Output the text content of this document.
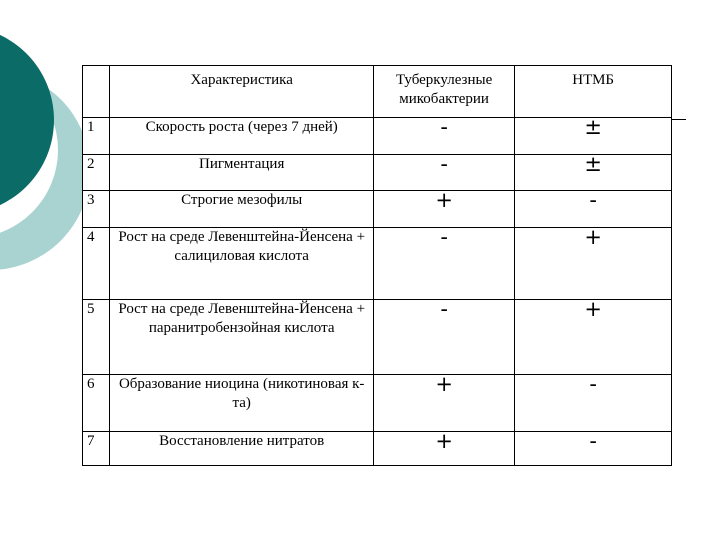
	Характеристика	Туберкулезные микобактерии	НТМБ
1	Скорость роста (через 7 дней)	-	±
2	Пигментация	-	±
3	Строгие мезофилы	+	-
4	Рост на среде Левенштейна-Йенсена + салициловая кислота	-	+
5	Рост на среде Левенштейна-Йенсена + паранитробензойная кислота	-	+
6	Образование ниоцина (никотиновая к-та)	+	-
7	Восстановление нитратов	+	-
